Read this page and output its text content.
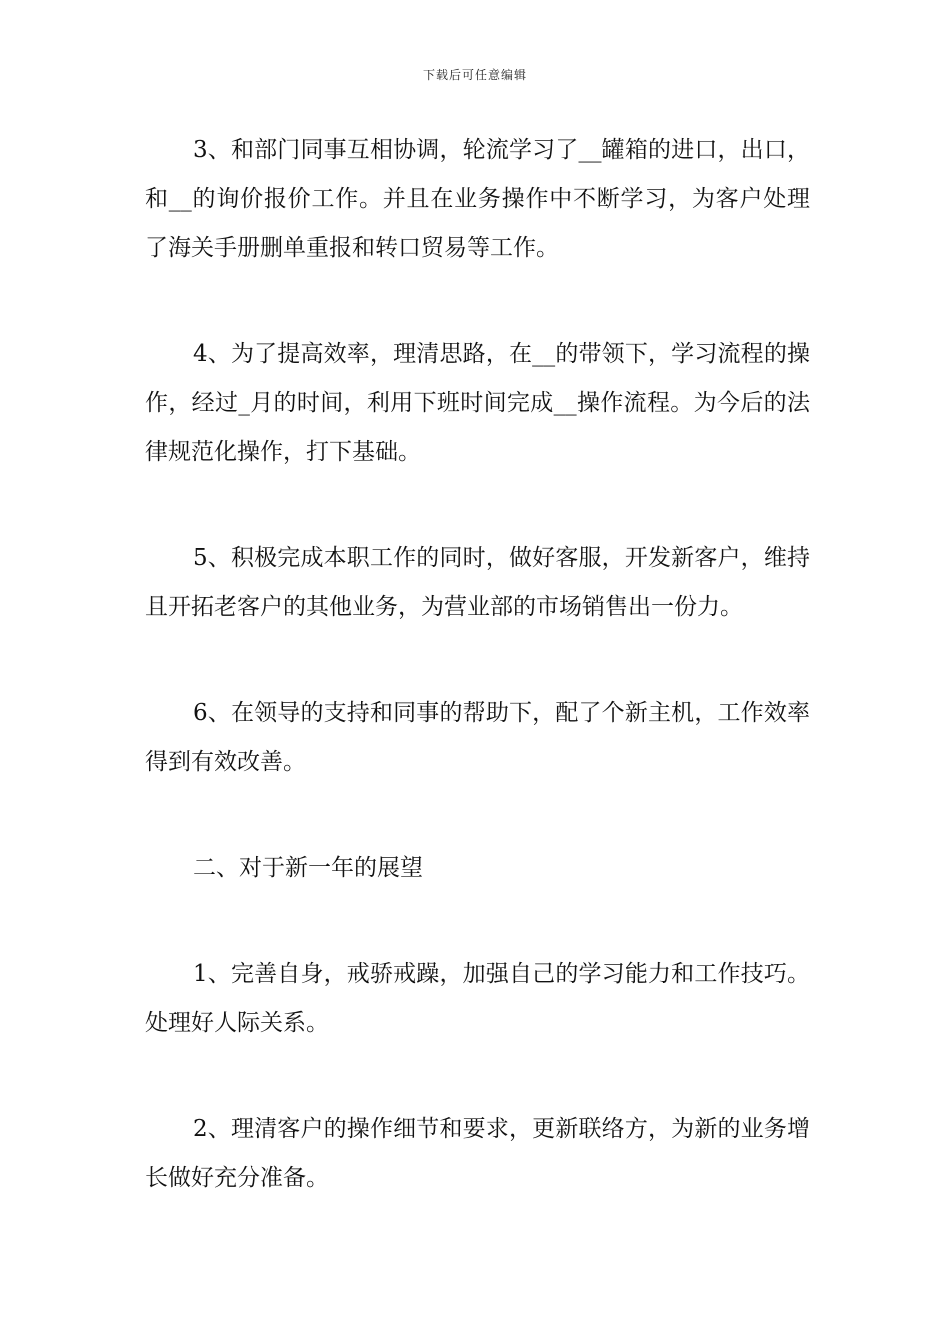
下载后可任意编辑

3、和部门同事互相协调，轮流学习了__罐箱的进口，出口，和__的询价报价工作。并且在业务操作中不断学习，为客户处理了海关手册删单重报和转口贸易等工作。

4、为了提高效率，理清思路，在__的带领下，学习流程的操作，经过_月的时间，利用下班时间完成__操作流程。为今后的法律规范化操作，打下基础。

5、积极完成本职工作的同时，做好客服，开发新客户，维持且开拓老客户的其他业务，为营业部的市场销售出一份力。

6、在领导的支持和同事的帮助下，配了个新主机，工作效率得到有效改善。

二、对于新一年的展望

1、完善自身，戒骄戒躁，加强自己的学习能力和工作技巧。处理好人际关系。

2、理清客户的操作细节和要求，更新联络方，为新的业务增长做好充分准备。
